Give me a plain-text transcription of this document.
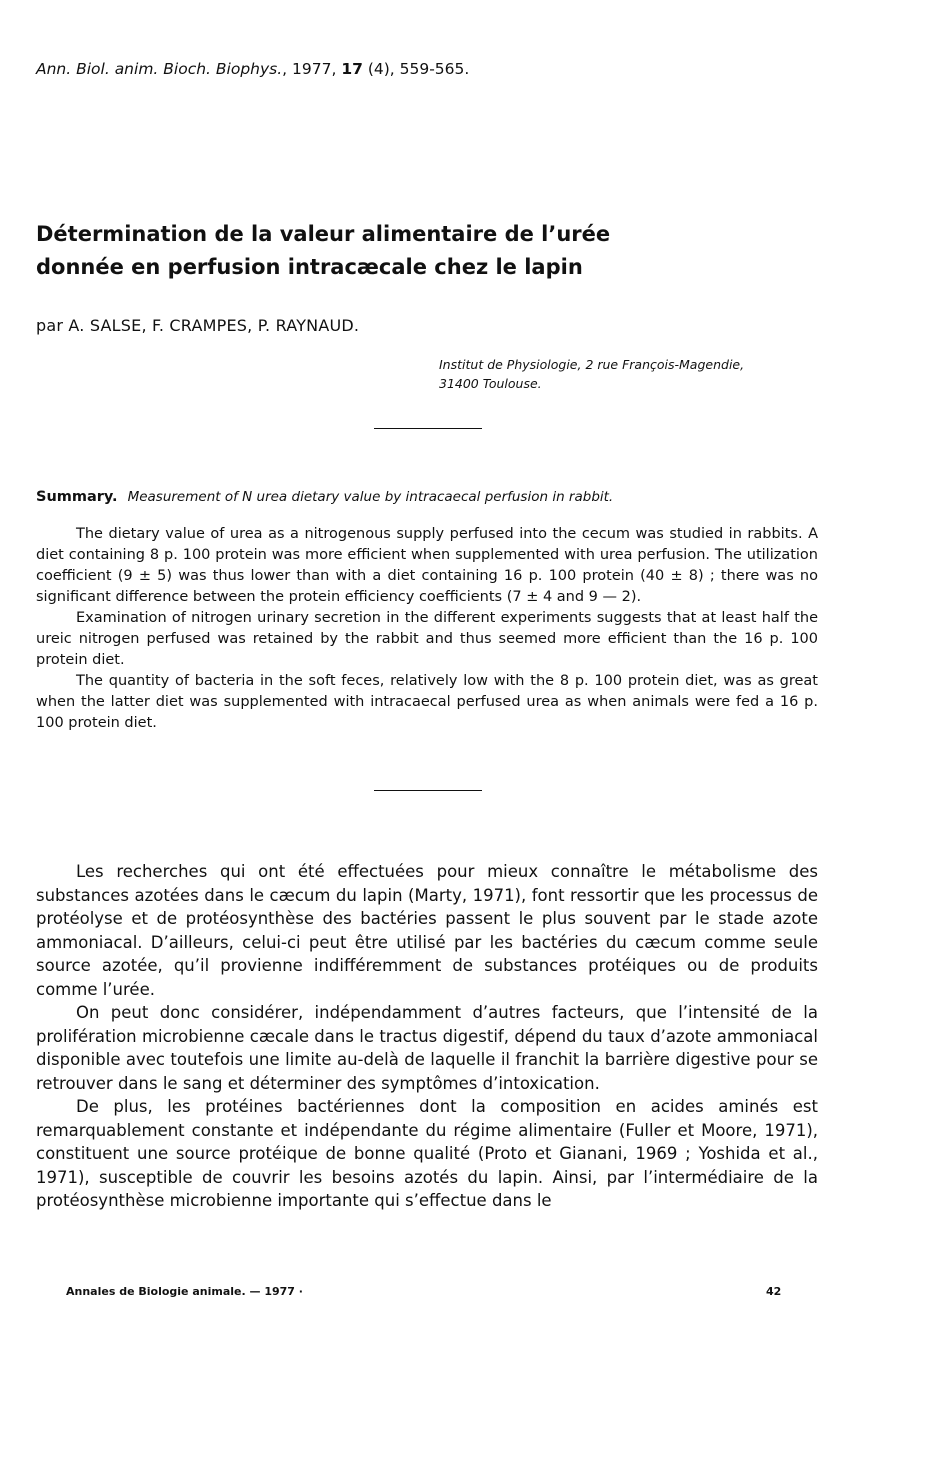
Ann. Biol. anim. Bioch. Biophys., 1977, 17 (4), 559-565.
Détermination de la valeur alimentaire de l’urée
donnée en perfusion intracæcale chez le lapin
par A. SALSE, F. CRAMPES, P. RAYNAUD.
Institut de Physiologie, 2 rue François-Magendie,
31400 Toulouse.
Summary. Measurement of N urea dietary value by intracaecal perfusion in rabbit.

The dietary value of urea as a nitrogenous supply perfused into the cecum was studied in rabbits. A diet containing 8 p. 100 protein was more efficient when supplemented with urea perfusion. The utilization coefficient (9 ± 5) was thus lower than with a diet containing 16 p. 100 protein (40 ± 8) ; there was no significant difference between the protein efficiency coefficients (7 ± 4 and 9 — 2).

Examination of nitrogen urinary secretion in the different experiments suggests that at least half the ureic nitrogen perfused was retained by the rabbit and thus seemed more efficient than the 16 p. 100 protein diet.

The quantity of bacteria in the soft feces, relatively low with the 8 p. 100 protein diet, was as great when the latter diet was supplemented with intracaecal perfused urea as when animals were fed a 16 p. 100 protein diet.

Les recherches qui ont été effectuées pour mieux connaître le métabolisme des substances azotées dans le cæcum du lapin (Marty, 1971), font ressortir que les processus de protéolyse et de protéosynthèse des bactéries passent le plus souvent par le stade azote ammoniacal. D’ailleurs, celui-ci peut être utilisé par les bactéries du cæcum comme seule source azotée, qu’il provienne indifféremment de substances protéiques ou de produits comme l’urée.

On peut donc considérer, indépendamment d’autres facteurs, que l’intensité de la prolifération microbienne cæcale dans le tractus digestif, dépend du taux d’azote ammoniacal disponible avec toutefois une limite au-delà de laquelle il franchit la barrière digestive pour se retrouver dans le sang et déterminer des symptômes d’intoxication.

De plus, les protéines bactériennes dont la composition en acides aminés est remarquablement constante et indépendante du régime alimentaire (Fuller et Moore, 1971), constituent une source protéique de bonne qualité (Proto et Gianani, 1969 ; Yoshida et al., 1971), susceptible de couvrir les besoins azotés du lapin. Ainsi, par l’intermédiaire de la protéosynthèse microbienne importante qui s’effectue dans le

Annales de Biologie animale. — 1977 ·	42
